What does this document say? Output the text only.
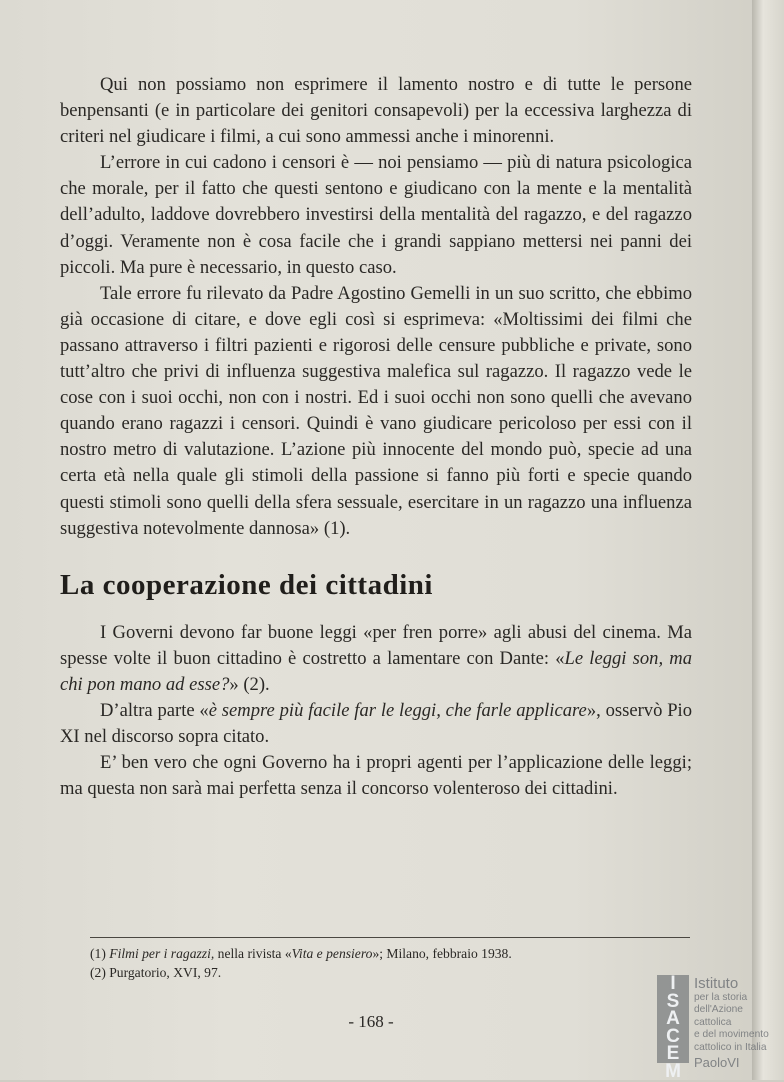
Qui non possiamo non esprimere il lamento nostro e di tutte le persone benpensanti (e in particolare dei genitori consapevoli) per la eccessiva larghezza di criteri nel giudicare i filmi, a cui sono ammessi anche i minorenni.

L’errore in cui cadono i censori è — noi pensiamo — più di natura psicologica che morale, per il fatto che questi sentono e giudicano con la mente e la mentalità dell’adulto, laddove dovrebbero investirsi della mentalità del ragazzo, e del ragazzo d’oggi. Veramente non è cosa facile che i grandi sappiano mettersi nei panni dei piccoli. Ma pure è necessario, in questo caso.

Tale errore fu rilevato da Padre Agostino Gemelli in un suo scritto, che ebbimo già occasione di citare, e dove egli così si esprimeva: «Moltissimi dei filmi che passano attraverso i filtri pazienti e rigorosi delle censure pubbliche e private, sono tutt’altro che privi di influenza suggestiva malefica sul ragazzo. Il ragazzo vede le cose con i suoi occhi, non con i nostri. Ed i suoi occhi non sono quelli che avevano quando erano ragazzi i censori. Quindi è vano giudicare pericoloso per essi con il nostro metro di valutazione. L’azione più innocente del mondo può, specie ad una certa età nella quale gli stimoli della passione si fanno più forti e specie quando questi stimoli sono quelli della sfera sessuale, esercitare in un ragazzo una influenza suggestiva notevolmente dannosa» (1).

La cooperazione dei cittadini

I Governi devono far buone leggi «per fren porre» agli abusi del cinema. Ma spesse volte il buon cittadino è costretto a lamentare con Dante: «Le leggi son, ma chi pon mano ad esse?» (2).

D’altra parte «è sempre più facile far le leggi, che farle applicare», osservò Pio XI nel discorso sopra citato.

E’ ben vero che ogni Governo ha i propri agenti per l’applicazione delle leggi; ma questa non sarà mai perfetta senza il concorso volenteroso dei cittadini.

(1) Filmi per i ragazzi, nella rivista «Vita e pensiero»; Milano, febbraio 1938.
(2) Purgatorio, XVI, 97.
- 168 -
I
S
A
C
E
M
Istituto
per la storia
dell'Azione cattolica
e del movimento
cattolico in Italia
PaoloVI
